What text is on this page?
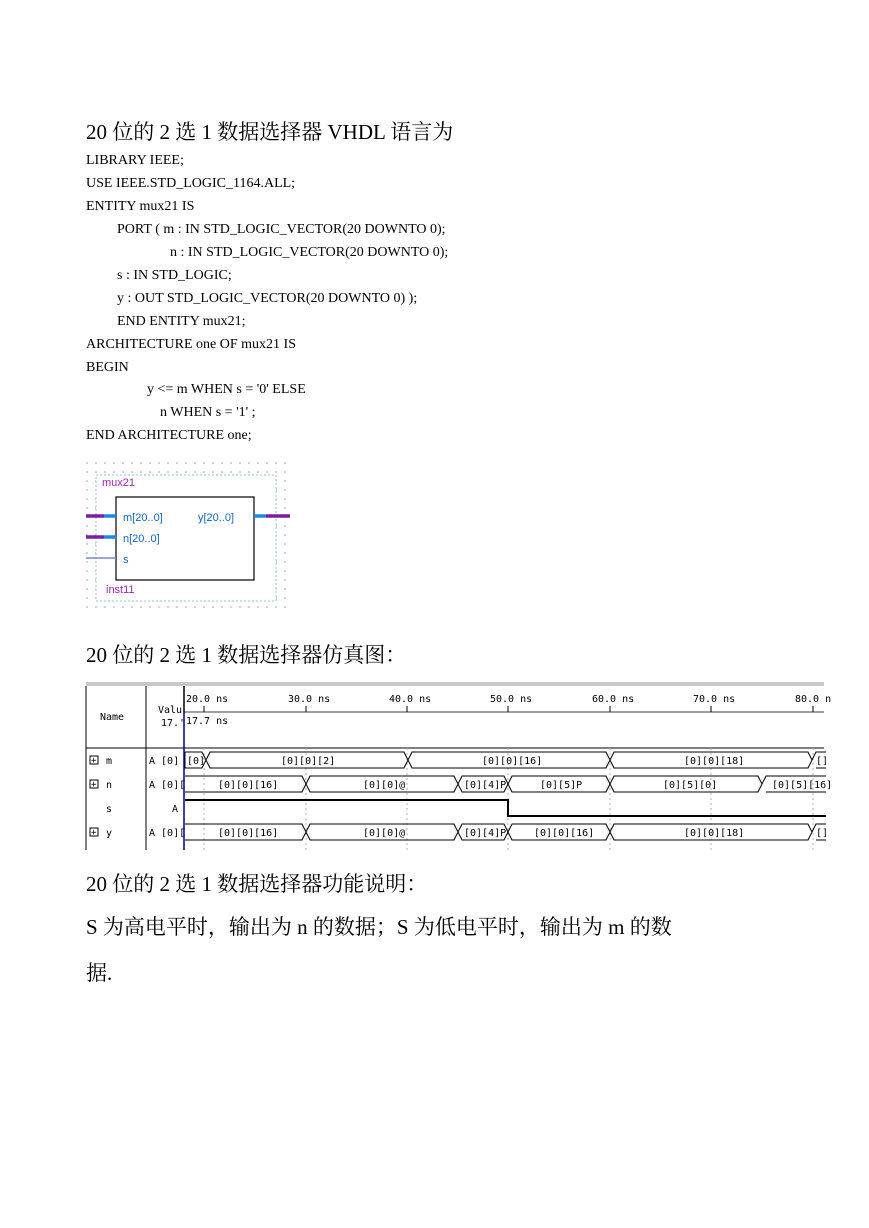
20 位的 2 选 1 数据选择器 VHDL 语言为
LIBRARY IEEE;
USE IEEE.STD_LOGIC_1164.ALL;
ENTITY mux21 IS
PORT ( m : IN STD_LOGIC_VECTOR(20 DOWNTO 0);
n : IN STD_LOGIC_VECTOR(20 DOWNTO 0);
s : IN STD_LOGIC;
y : OUT STD_LOGIC_VECTOR(20 DOWNTO 0) );
END ENTITY mux21;
ARCHITECTURE one OF mux21 IS
BEGIN
y <= m WHEN s = '0' ELSE
n WHEN s = '1' ;
END ARCHITECTURE one;
mux21
m[20..0]
n[20..0]
s
y[20..0]
inst11
20 位的 2 选 1 数据选择器仿真图：
Name
Valu
17.' 17.7 ns
20.0 ns	30.0 ns	40.0 ns	50.0 ns	60.0 ns	70.0 ns	80.0 n
+ m	A [0] [0]	[0][0][2]	[0][0][16]	[0][0][18]	[]
+ n	A [0][	[0][0][16]	[0][0]@	[0][4]P	[0][5]P	[0][5][0]	[0][5][16]
s	A
+ y	A [0][	[0][0][16]	[0][0]@	[0][4]P	[0][0][16]	[0][0][18]	[]
20 位的 2 选 1 数据选择器功能说明：
S 为高电平时，输出为 n 的数据；S 为低电平时，输出为 m 的数
据.
